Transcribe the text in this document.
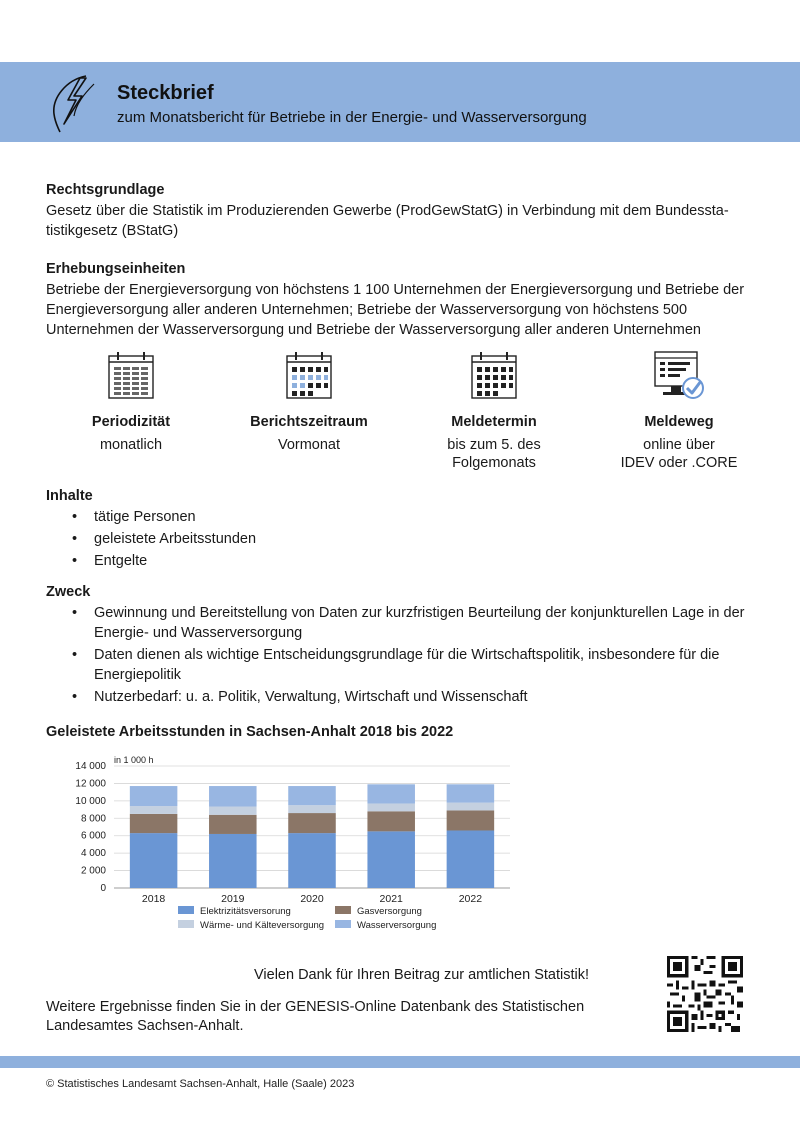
Steckbrief
zum Monatsbericht für Betriebe in der Energie- und Wasserversorgung
Rechtsgrundlage

Gesetz über die Statistik im Produzierenden Gewerbe (ProdGewStatG) in Verbindung mit dem Bundesstatistikgesetz (BStatG)

Erhebungseinheiten

Betriebe der Energieversorgung von höchstens 1 100 Unternehmen der Energieversorgung und Betriebe der Energieversorgung aller anderen Unternehmen; Betriebe der Wasserversorgung von höchstens 500 Unternehmen der Wasserversorgung und Betriebe der Wasserversorgung aller anderen Unternehmen

Periodizität
monatlich
Berichtszeitraum
Vormonat
Meldetermin
bis zum 5. des
Folgemonats
Meldeweg
online über
IDEV oder .CORE
Inhalte
• tätige Personen
• geleistete Arbeitsstunden
• Entgelte
Zweck
• Gewinnung und Bereitstellung von Daten zur kurzfristigen Beurteilung der konjunkturellen Lage in der Energie- und Wasserversorgung
• Daten dienen als wichtige Entscheidungsgrundlage für die Wirtschaftspolitik, insbesondere für die Energiepolitik
• Nutzerbedarf: u. a. Politik, Verwaltung, Wirtschaft und Wissenschaft
Geleistete Arbeitsstunden in Sachsen-Anhalt 2018 bis 2022
in 1 000 h
0
2 000
4 000
6 000
8 000
10 000
12 000
14 000
2018	2019	2020	2021	2022
Elektrizitätsversorung	Gasversorgung
Wärme- und Kälteversorgung	Wasserversorgung
Vielen Dank für Ihren Beitrag zur amtlichen Statistik!
Weitere Ergebnisse finden Sie in der GENESIS-Online Datenbank des Statistischen Landesamtes Sachsen-Anhalt.
© Statistisches Landesamt Sachsen-Anhalt, Halle (Saale) 2023
